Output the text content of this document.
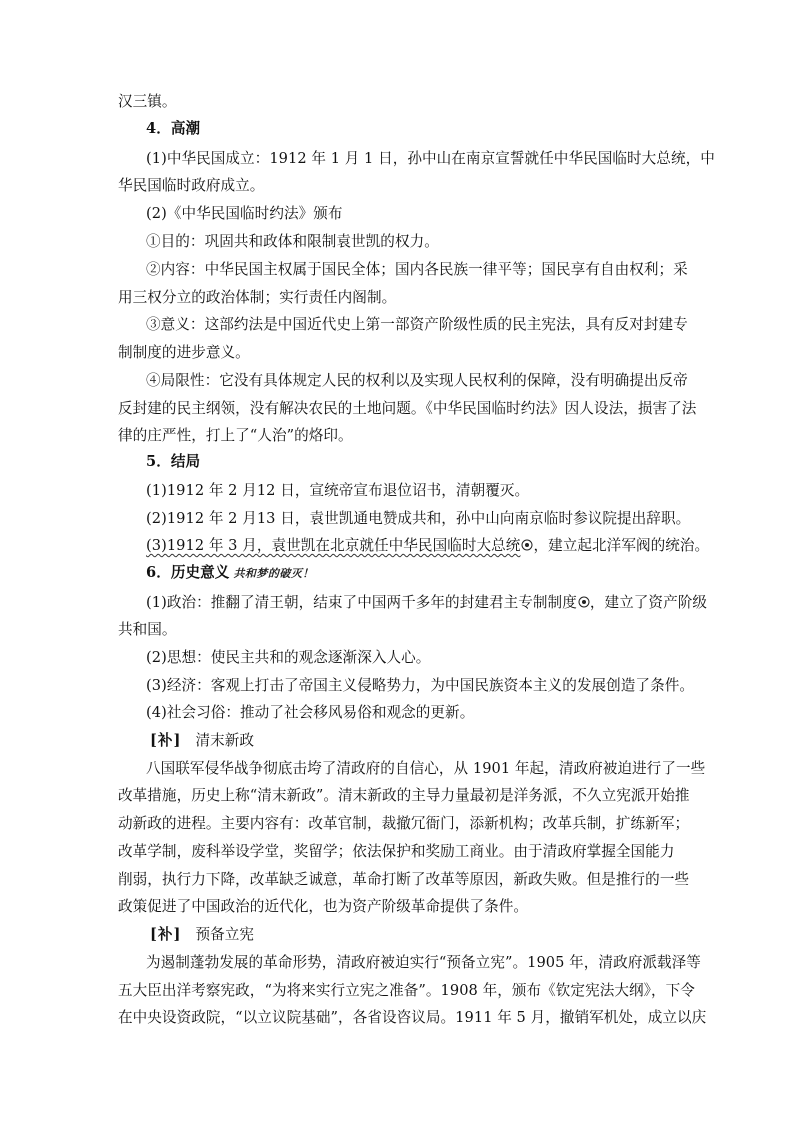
汉三镇。
4．高潮
(1)中华民国成立：1912 年 1 月 1 日，孙中山在南京宣誓就任中华民国临时大总统，中
华民国临时政府成立。
(2)《中华民国临时约法》颁布
①目的：巩固共和政体和限制袁世凯的权力。
②内容：中华民国主权属于国民全体；国内各民族一律平等；国民享有自由权利；采
用三权分立的政治体制；实行责任内阁制。
③意义：这部约法是中国近代史上第一部资产阶级性质的民主宪法，具有反对封建专
制制度的进步意义。
④局限性：它没有具体规定人民的权利以及实现人民权利的保障，没有明确提出反帝
反封建的民主纲领，没有解决农民的土地问题。《中华民国临时约法》因人设法，损害了法
律的庄严性，打上了“人治”的烙印。
5．结局
(1)1912 年 2 月12 日，宣统帝宣布退位诏书，清朝覆灭。
(2)1912 年 2 月13 日，袁世凯通电赞成共和，孙中山向南京临时参议院提出辞职。
(3)1912 年 3 月，袁世凯在北京就任中华民国临时大总统 ，建立起北洋军阀的统治。
6．历史意义 共和梦的破灭！
(1)政治：推翻了清王朝，结束了中国两千多年的封建君主专制制度 ，建立了资产阶级
共和国。
(2)思想：使民主共和的观念逐渐深入人心。
(3)经济：客观上打击了帝国主义侵略势力，为中国民族资本主义的发展创造了条件。
(4)社会习俗：推动了社会移风易俗和观念的更新。
[补] 清末新政
八国联军侵华战争彻底击垮了清政府的自信心，从 1901 年起，清政府被迫进行了一些
改革措施，历史上称“清末新政”。清末新政的主导力量最初是洋务派，不久立宪派开始推
动新政的进程。主要内容有：改革官制，裁撤冗衙门，添新机构；改革兵制，扩练新军；
改革学制，废科举设学堂，奖留学；依法保护和奖励工商业。由于清政府掌握全国能力
削弱，执行力下降，改革缺乏诚意，革命打断了改革等原因，新政失败。但是推行的一些
政策促进了中国政治的近代化，也为资产阶级革命提供了条件。
[补] 预备立宪
为遏制蓬勃发展的革命形势，清政府被迫实行“预备立宪”。1905 年，清政府派载泽等
五大臣出洋考察宪政，“为将来实行立宪之准备”。1908 年，颁布《钦定宪法大纲》，下令
在中央设资政院，“以立议院基础”，各省设咨议局。1911 年 5 月，撤销军机处，成立以庆
